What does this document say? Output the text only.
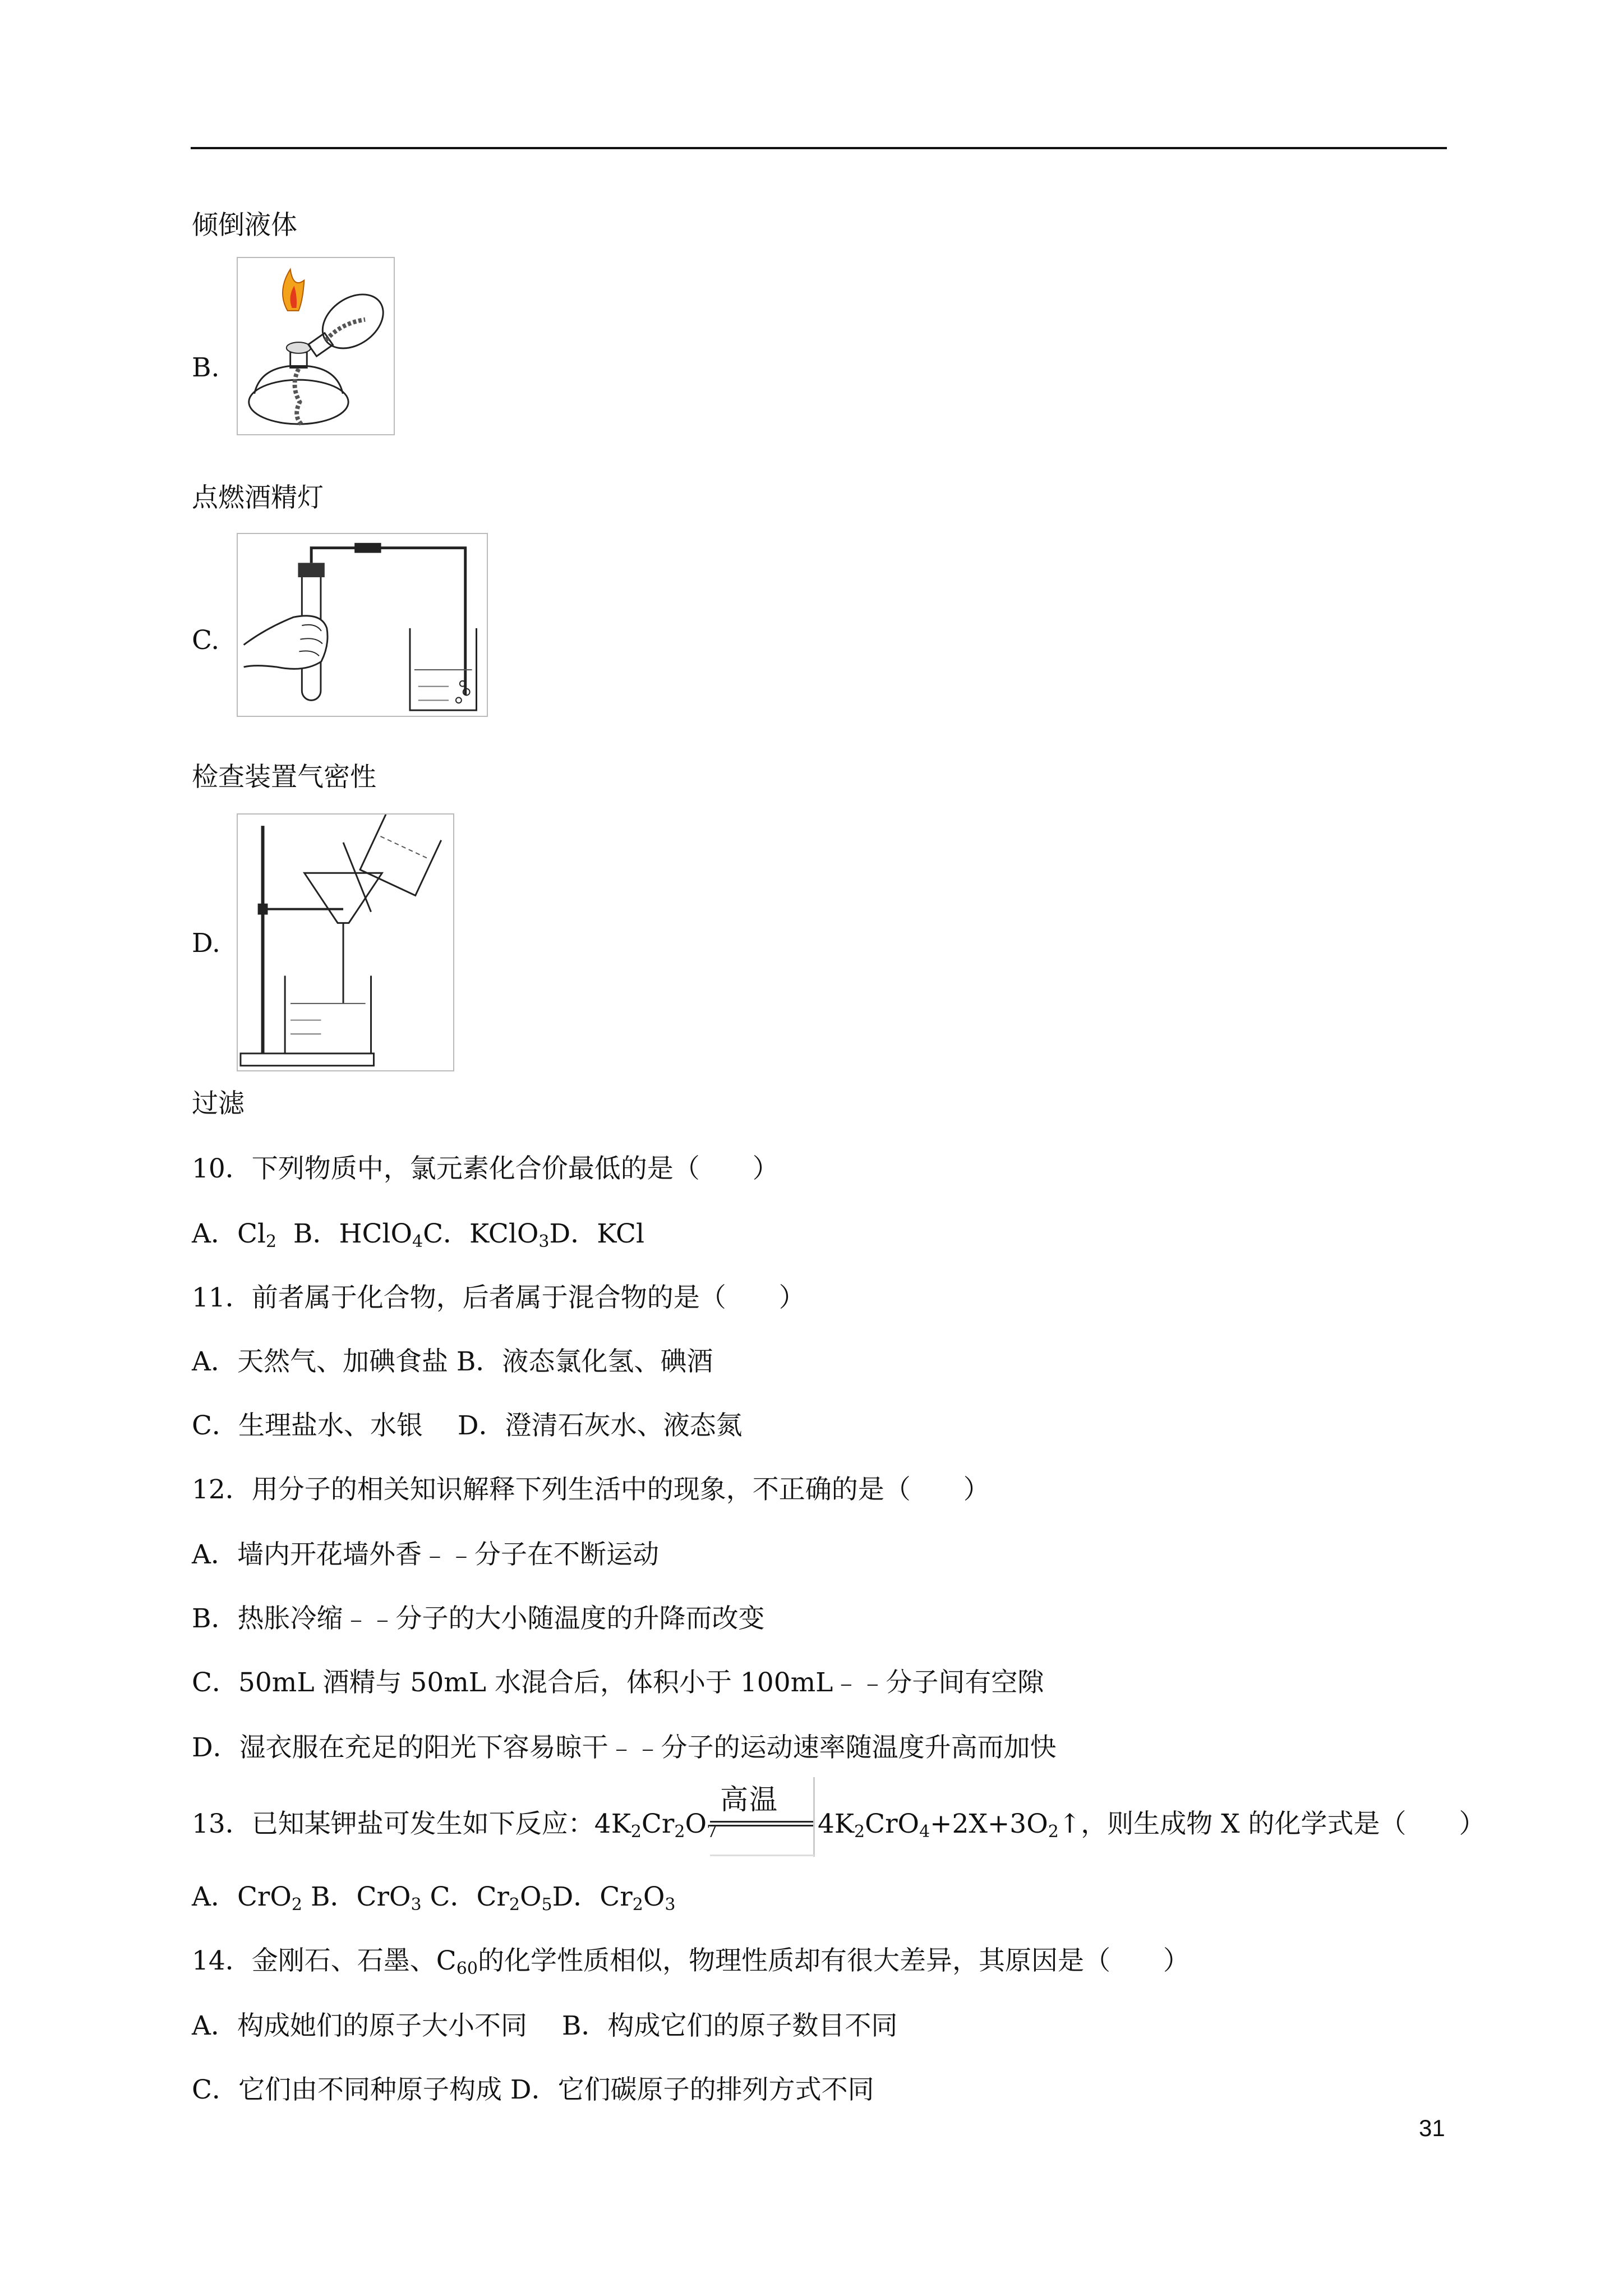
倾倒液体
B.
点燃酒精灯
C.
检查装置气密性
D.
过滤
10．下列物质中，氯元素化合价最低的是（　　）
A．$Cl_2$ B．HClO$_4$C．KClO$_3$D．KCl
11．前者属于化合物，后者属于混合物的是（　　）
A．天然气、加碘食盐 B．液态氯化氢、碘酒
C．生理盐水、水银　 D．澄清石灰水、液态氮
12．用分子的相关知识解释下列生活中的现象，不正确的是（　　）
A．墙内开花墙外香﹣﹣分子在不断运动
B．热胀冷缩﹣﹣分子的大小随温度的升降而改变
C．50mL 酒精与 50mL 水混合后，体积小于 100mL﹣﹣分子间有空隙
D．湿衣服在充足的阳光下容易晾干﹣﹣分子的运动速率随温度升高而加快
13．已知某钾盐可发生如下反应：$4K_2Cr_2O_7$
高温
$4K_2CrO_4+2X+3O_2↑$，则生成物 X 的化学式是（　　）
A．CrO$_2$ B．CrO$_3$ C．$Cr_2O_5D$．$Cr_2O_3$
14．金刚石、石墨、$C_{60}$的化学性质相似，物理性质却有很大差异，其原因是（　　）
A．构成她们的原子大小不同　 B．构成它们的原子数目不同
C．它们由不同种原子构成 D．它们碳原子的排列方式不同
31
